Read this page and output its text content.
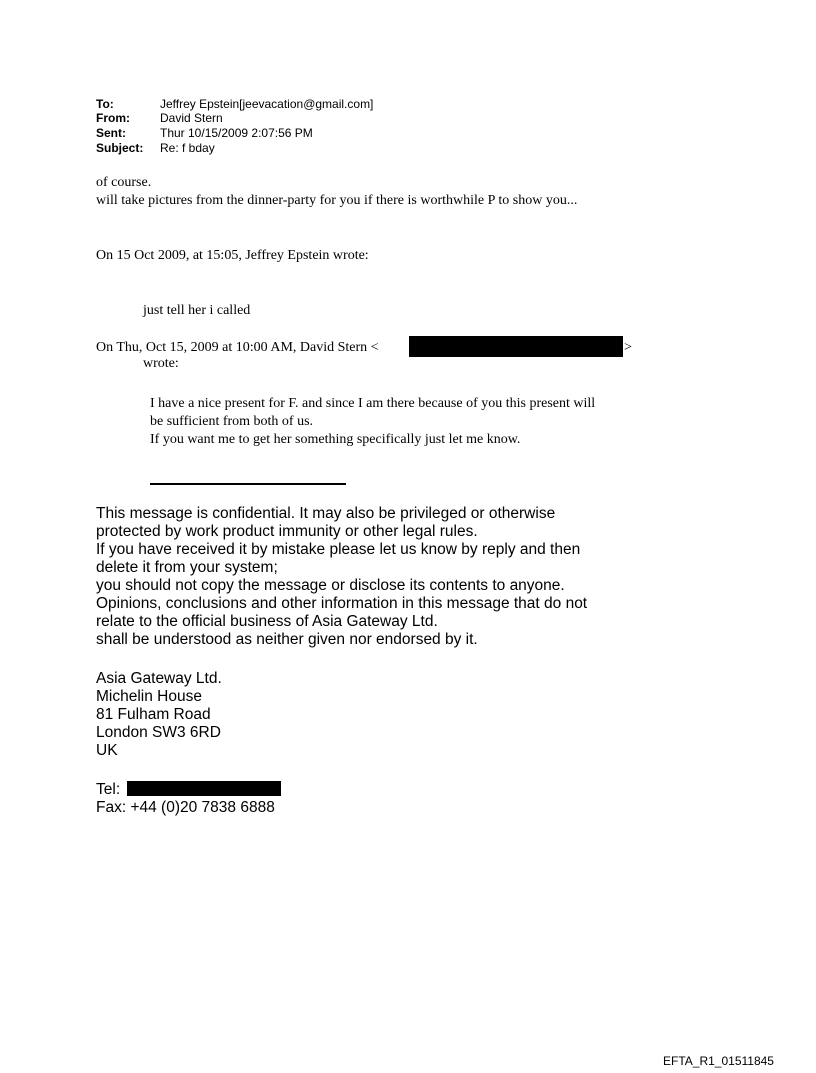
To:	Jeffrey Epstein[jeevacation@gmail.com]
From:	David Stern
Sent:	Thur 10/15/2009 2:07:56 PM
Subject: Re: f bday
of course.
will take pictures from the dinner-party for you if there is worthwhile P to show you...
On 15 Oct 2009, at 15:05, Jeffrey Epstein wrote:
just tell her i called
On Thu, Oct 15, 2009 at 10:00 AM, David Stern <	>
wrote:
I have a nice present for F. and since I am there because of you this present will
be sufficient from both of us.
If you want me to get her something specifically just let me know.
This message is confidential. It may also be privileged or otherwise
protected by work product immunity or other legal rules.
If you have received it by mistake please let us know by reply and then
delete it from your system;
you should not copy the message or disclose its contents to anyone.
Opinions, conclusions and other information in this message that do not
relate to the official business of Asia Gateway Ltd.
shall be understood as neither given nor endorsed by it.
Asia Gateway Ltd.
Michelin House
81 Fulham Road
London SW3 6RD
UK
Tel:
Fax: +44 (0)20 7838 6888
EFTA_R1_01511845
